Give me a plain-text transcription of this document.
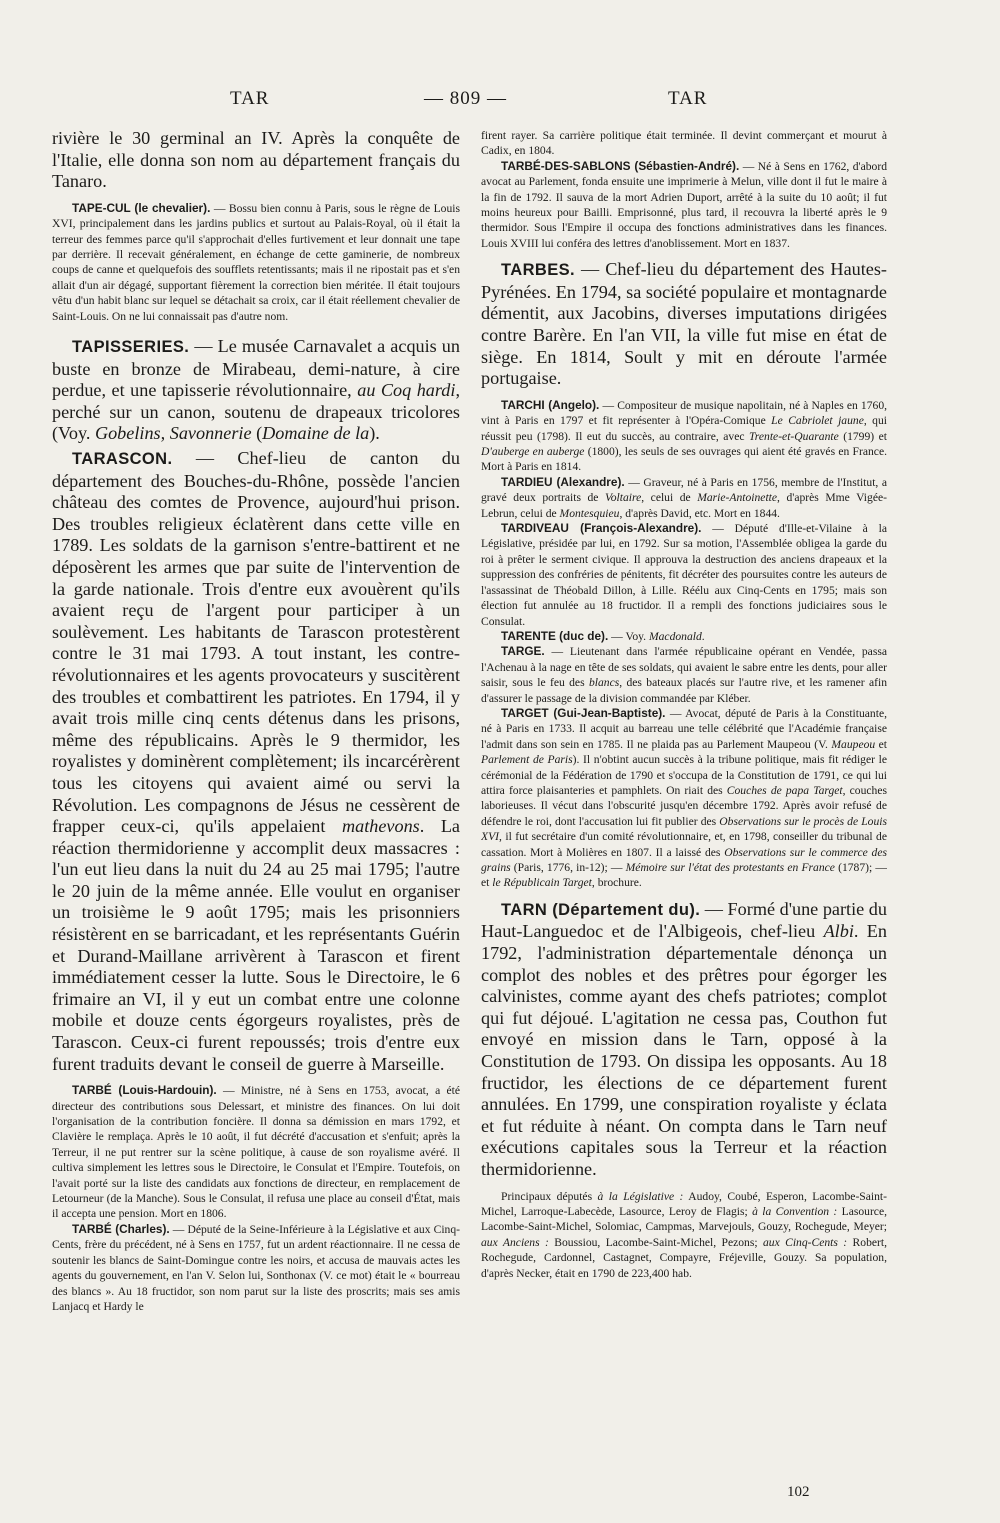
TAR	— 809 —	TAR

rivière le 30 germinal an IV. Après la conquête de l'Italie, elle donna son nom au département français du Tanaro.

TAPE-CUL (le chevalier). — Bossu bien connu à Paris, sous le règne de Louis XVI, principalement dans les jardins publics et surtout au Palais-Royal, où il était la terreur des femmes parce qu'il s'approchait d'elles furtivement et leur donnait une tape par derrière. Il recevait généralement, en échange de cette gaminerie, de nombreux coups de canne et quelquefois des soufflets retentissants; mais il ne ripostait pas et s'en allait d'un air dégagé, supportant fièrement la correction bien méritée. Il était toujours vêtu d'un habit blanc sur lequel se détachait sa croix, car il était réellement chevalier de Saint-Louis. On ne lui connaissait pas d'autre nom.

TAPISSERIES. — Le musée Carnavalet a acquis un buste en bronze de Mirabeau, demi-nature, à cire perdue, et une tapisserie révolutionnaire, au Coq hardi, perché sur un canon, soutenu de drapeaux tricolores (Voy. Gobelins, Savonnerie (Domaine de la).

TARASCON. — Chef-lieu de canton du département des Bouches-du-Rhône, possède l'ancien château des comtes de Provence, aujourd'hui prison. Des troubles religieux éclatèrent dans cette ville en 1789. Les soldats de la garnison s'entre-battirent et ne déposèrent les armes que par suite de l'intervention de la garde nationale. Trois d'entre eux avouèrent qu'ils avaient reçu de l'argent pour participer à un soulèvement. Les habitants de Tarascon protestèrent contre le 31 mai 1793. A tout instant, les contre-révolutionnaires et les agents provocateurs y suscitèrent des troubles et combattirent les patriotes. En 1794, il y avait trois mille cinq cents détenus dans les prisons, même des républicains. Après le 9 thermidor, les royalistes y dominèrent complètement; ils incarcérèrent tous les citoyens qui avaient aimé ou servi la Révolution. Les compagnons de Jésus ne cessèrent de frapper ceux-ci, qu'ils appelaient mathevons. La réaction thermidorienne y accomplit deux massacres : l'un eut lieu dans la nuit du 24 au 25 mai 1795; l'autre le 20 juin de la même année. Elle voulut en organiser un troisième le 9 août 1795; mais les prisonniers résistèrent en se barricadant, et les représentants Guérin et Durand-Maillane arrivèrent à Tarascon et firent immédiatement cesser la lutte. Sous le Directoire, le 6 frimaire an VI, il y eut un combat entre une colonne mobile et douze cents égorgeurs royalistes, près de Tarascon. Ceux-ci furent repoussés; trois d'entre eux furent traduits devant le conseil de guerre à Marseille.

TARBÉ (Louis-Hardouin). — Ministre, né à Sens en 1753, avocat, a été directeur des contributions sous Delessart, et ministre des finances. On lui doit l'organisation de la contribution foncière. Il donna sa démission en mars 1792, et Clavière le remplaça. Après le 10 août, il fut décrété d'accusation et s'enfuit; après la Terreur, il ne put rentrer sur la scène politique, à cause de son royalisme avéré. Il cultiva simplement les lettres sous le Directoire, le Consulat et l'Empire. Toutefois, on l'avait porté sur la liste des candidats aux fonctions de directeur, en remplacement de Letourneur (de la Manche). Sous le Consulat, il refusa une place au conseil d'État, mais il accepta une pension. Mort en 1806.

TARBÉ (Charles). — Député de la Seine-Inférieure à la Législative et aux Cinq-Cents, frère du précédent, né à Sens en 1757, fut un ardent réactionnaire. Il ne cessa de soutenir les blancs de Saint-Domingue contre les noirs, et accusa de mauvais actes les agents du gouvernement, en l'an V. Selon lui, Sonthonax (V. ce mot) était le « bourreau des blancs ». Au 18 fructidor, son nom parut sur la liste des proscrits; mais ses amis Lanjacq et Hardy le

firent rayer. Sa carrière politique était terminée. Il devint commerçant et mourut à Cadix, en 1804.

TARBÉ-DES-SABLONS (Sébastien-André). — Né à Sens en 1762, d'abord avocat au Parlement, fonda ensuite une imprimerie à Melun, ville dont il fut le maire à la fin de 1792. Il sauva de la mort Adrien Duport, arrêté à la suite du 10 août; il fut moins heureux pour Bailli. Emprisonné, plus tard, il recouvra la liberté après le 9 thermidor. Sous l'Empire il occupa des fonctions administratives dans les finances. Louis XVIII lui conféra des lettres d'anoblissement. Mort en 1837.

TARBES. — Chef-lieu du département des Hautes-Pyrénées. En 1794, sa société populaire et montagnarde démentit, aux Jacobins, diverses imputations dirigées contre Barère. En l'an VII, la ville fut mise en état de siège. En 1814, Soult y mit en déroute l'armée portugaise.

TARCHI (Angelo). — Compositeur de musique napolitain, né à Naples en 1760, vint à Paris en 1797 et fit représenter à l'Opéra-Comique Le Cabriolet jaune, qui réussit peu (1798). Il eut du succès, au contraire, avec Trente-et-Quarante (1799) et D'auberge en auberge (1800), les seuls de ses ouvrages qui aient été gravés en France. Mort à Paris en 1814.

TARDIEU (Alexandre). — Graveur, né à Paris en 1756, membre de l'Institut, a gravé deux portraits de Voltaire, celui de Marie-Antoinette, d'après Mme Vigée-Lebrun, celui de Montesquieu, d'après David, etc. Mort en 1844.

TARDIVEAU (François-Alexandre). — Député d'Ille-et-Vilaine à la Législative, présidée par lui, en 1792. Sur sa motion, l'Assemblée obligea la garde du roi à prêter le serment civique. Il approuva la destruction des anciens drapeaux et la suppression des confréries de pénitents, fit décréter des poursuites contre les auteurs de l'assassinat de Théobald Dillon, à Lille. Réélu aux Cinq-Cents en 1795; mais son élection fut annulée au 18 fructidor. Il a rempli des fonctions judiciaires sous le Consulat.

TARENTE (duc de). — Voy. Macdonald.

TARGE. — Lieutenant dans l'armée républicaine opérant en Vendée, passa l'Achenau à la nage en tête de ses soldats, qui avaient le sabre entre les dents, pour aller saisir, sous le feu des blancs, des bateaux placés sur l'autre rive, et les ramener afin d'assurer le passage de la division commandée par Kléber.

TARGET (Gui-Jean-Baptiste). — Avocat, député de Paris à la Constituante, né à Paris en 1733. Il acquit au barreau une telle célébrité que l'Académie française l'admit dans son sein en 1785. Il ne plaida pas au Parlement Maupeou (V. Maupeou et Parlement de Paris). Il n'obtint aucun succès à la tribune politique, mais fit rédiger le cérémonial de la Fédération de 1790 et s'occupa de la Constitution de 1791, ce qui lui attira force plaisanteries et pamphlets. On riait des Couches de papa Target, couches laborieuses. Il vécut dans l'obscurité jusqu'en décembre 1792. Après avoir refusé de défendre le roi, dont l'accusation lui fit publier des Observations sur le procès de Louis XVI, il fut secrétaire d'un comité révolutionnaire, et, en 1798, conseiller du tribunal de cassation. Mort à Molières en 1807. Il a laissé des Observations sur le commerce des grains (Paris, 1776, in-12); — Mémoire sur l'état des protestants en France (1787); — et le Républicain Target, brochure.

TARN (Département du). — Formé d'une partie du Haut-Languedoc et de l'Albigeois, chef-lieu Albi. En 1792, l'administration départementale dénonça un complot des nobles et des prêtres pour égorger les calvinistes, comme ayant des chefs patriotes; complot qui fut déjoué. L'agitation ne cessa pas, Couthon fut envoyé en mission dans le Tarn, opposé à la Constitution de 1793. On dissipa les opposants. Au 18 fructidor, les élections de ce département furent annulées. En 1799, une conspiration royaliste y éclata et fut réduite à néant. On compta dans le Tarn neuf exécutions capitales sous la Terreur et la réaction thermidorienne.

Principaux députés à la Législative : Audoy, Coubé, Esperon, Lacombe-Saint-Michel, Larroque-Labecède, Lasource, Leroy de Flagis; à la Convention : Lasource, Lacombe-Saint-Michel, Solomiac, Campmas, Marvejouls, Gouzy, Rochegude, Meyer; aux Anciens : Boussiou, Lacombe-Saint-Michel, Pezons; aux Cinq-Cents : Robert, Rochegude, Cardonnel, Castagnet, Compayre, Fréjeville, Gouzy. Sa population, d'après Necker, était en 1790 de 223,400 hab.

102
